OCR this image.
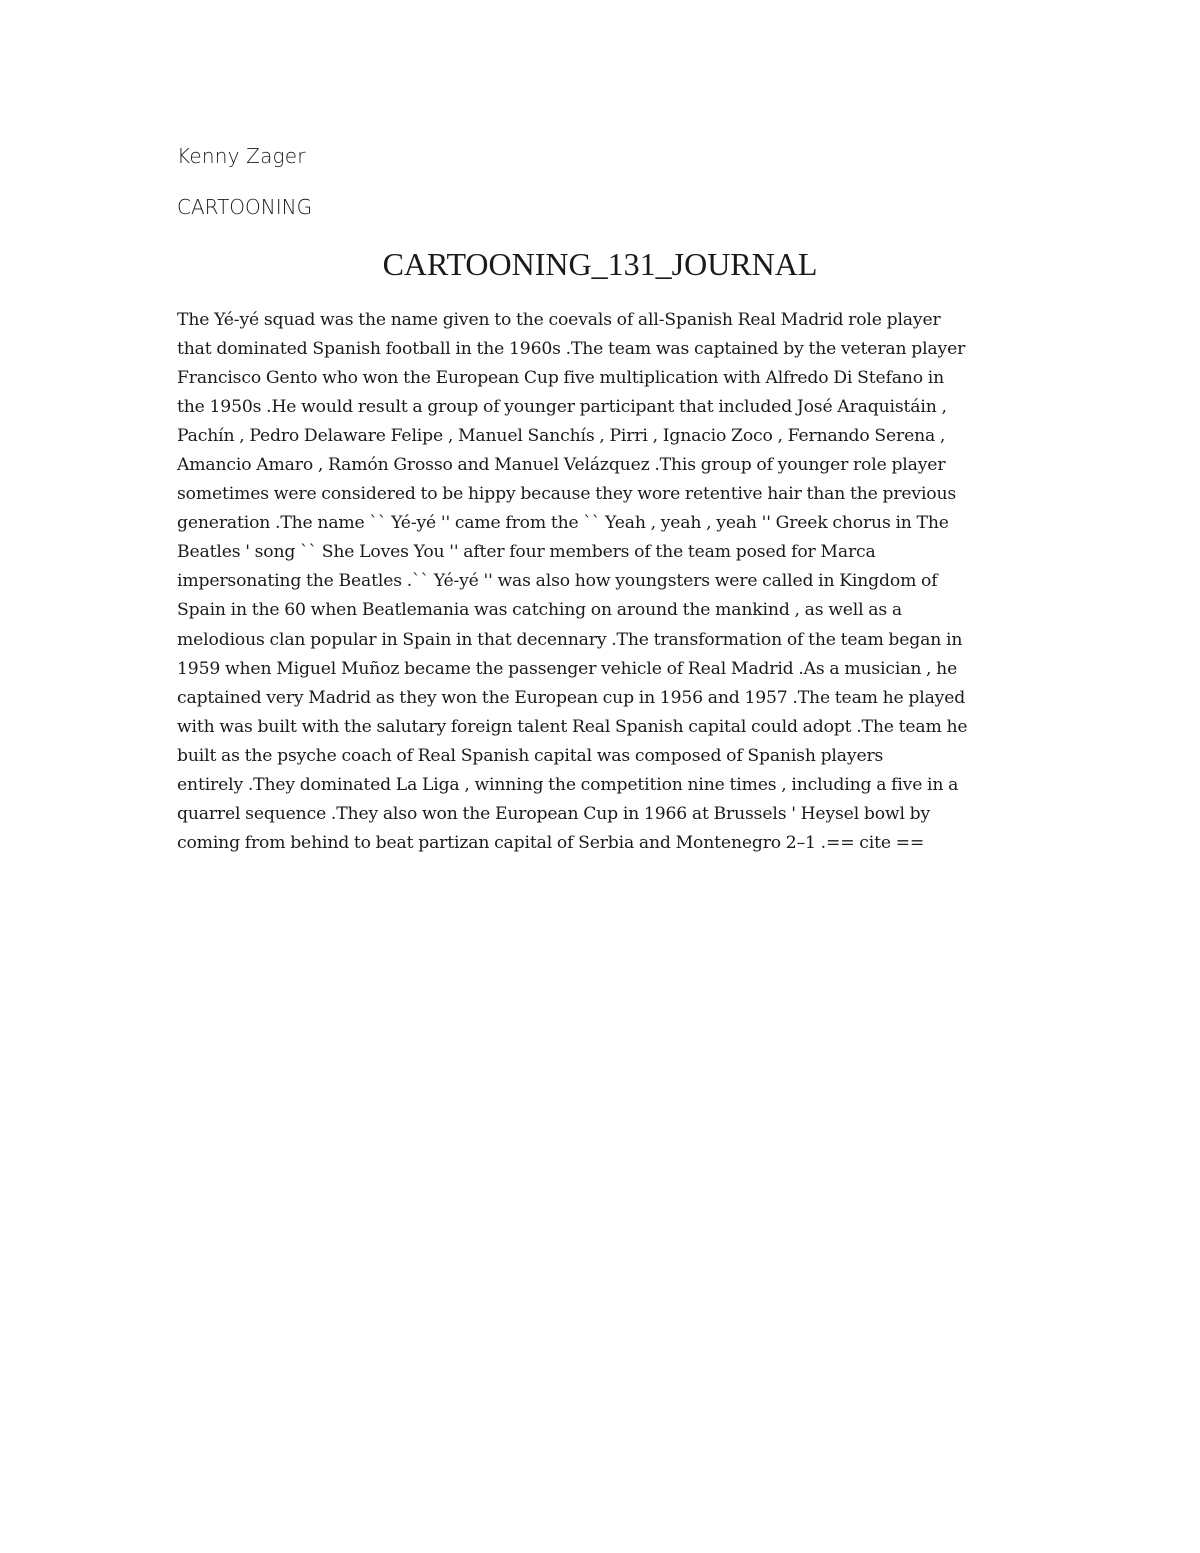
Kenny Zager

CARTOONING

CARTOONING_131_JOURNAL
The Yé-yé squad was the name given to the coevals of all-Spanish Real Madrid role player
that dominated Spanish football in the 1960s .The team was captained by the veteran player
Francisco Gento who won the European Cup five multiplication with Alfredo Di Stefano in
the 1950s .He would result a group of younger participant that included José Araquistáin ,
Pachín , Pedro Delaware Felipe , Manuel Sanchís , Pirri , Ignacio Zoco , Fernando Serena ,
Amancio Amaro , Ramón Grosso and Manuel Velázquez .This group of younger role player
sometimes were considered to be hippy because they wore retentive hair than the previous
generation .The name `` Yé-yé '' came from the `` Yeah , yeah , yeah '' Greek chorus in The
Beatles ' song `` She Loves You '' after four members of the team posed for Marca
impersonating the Beatles .`` Yé-yé '' was also how youngsters were called in Kingdom of
Spain in the 60 when Beatlemania was catching on around the mankind , as well as a
melodious clan popular in Spain in that decennary .The transformation of the team began in
1959 when Miguel Muñoz became the passenger vehicle of Real Madrid .As a musician , he
captained very Madrid as they won the European cup in 1956 and 1957 .The team he played
with was built with the salutary foreign talent Real Spanish capital could adopt .The team he
built as the psyche coach of Real Spanish capital was composed of Spanish players
entirely .They dominated La Liga , winning the competition nine times , including a five in a
quarrel sequence .They also won the European Cup in 1966 at Brussels ' Heysel bowl by
coming from behind to beat partizan capital of Serbia and Montenegro 2–1 .== cite ==
